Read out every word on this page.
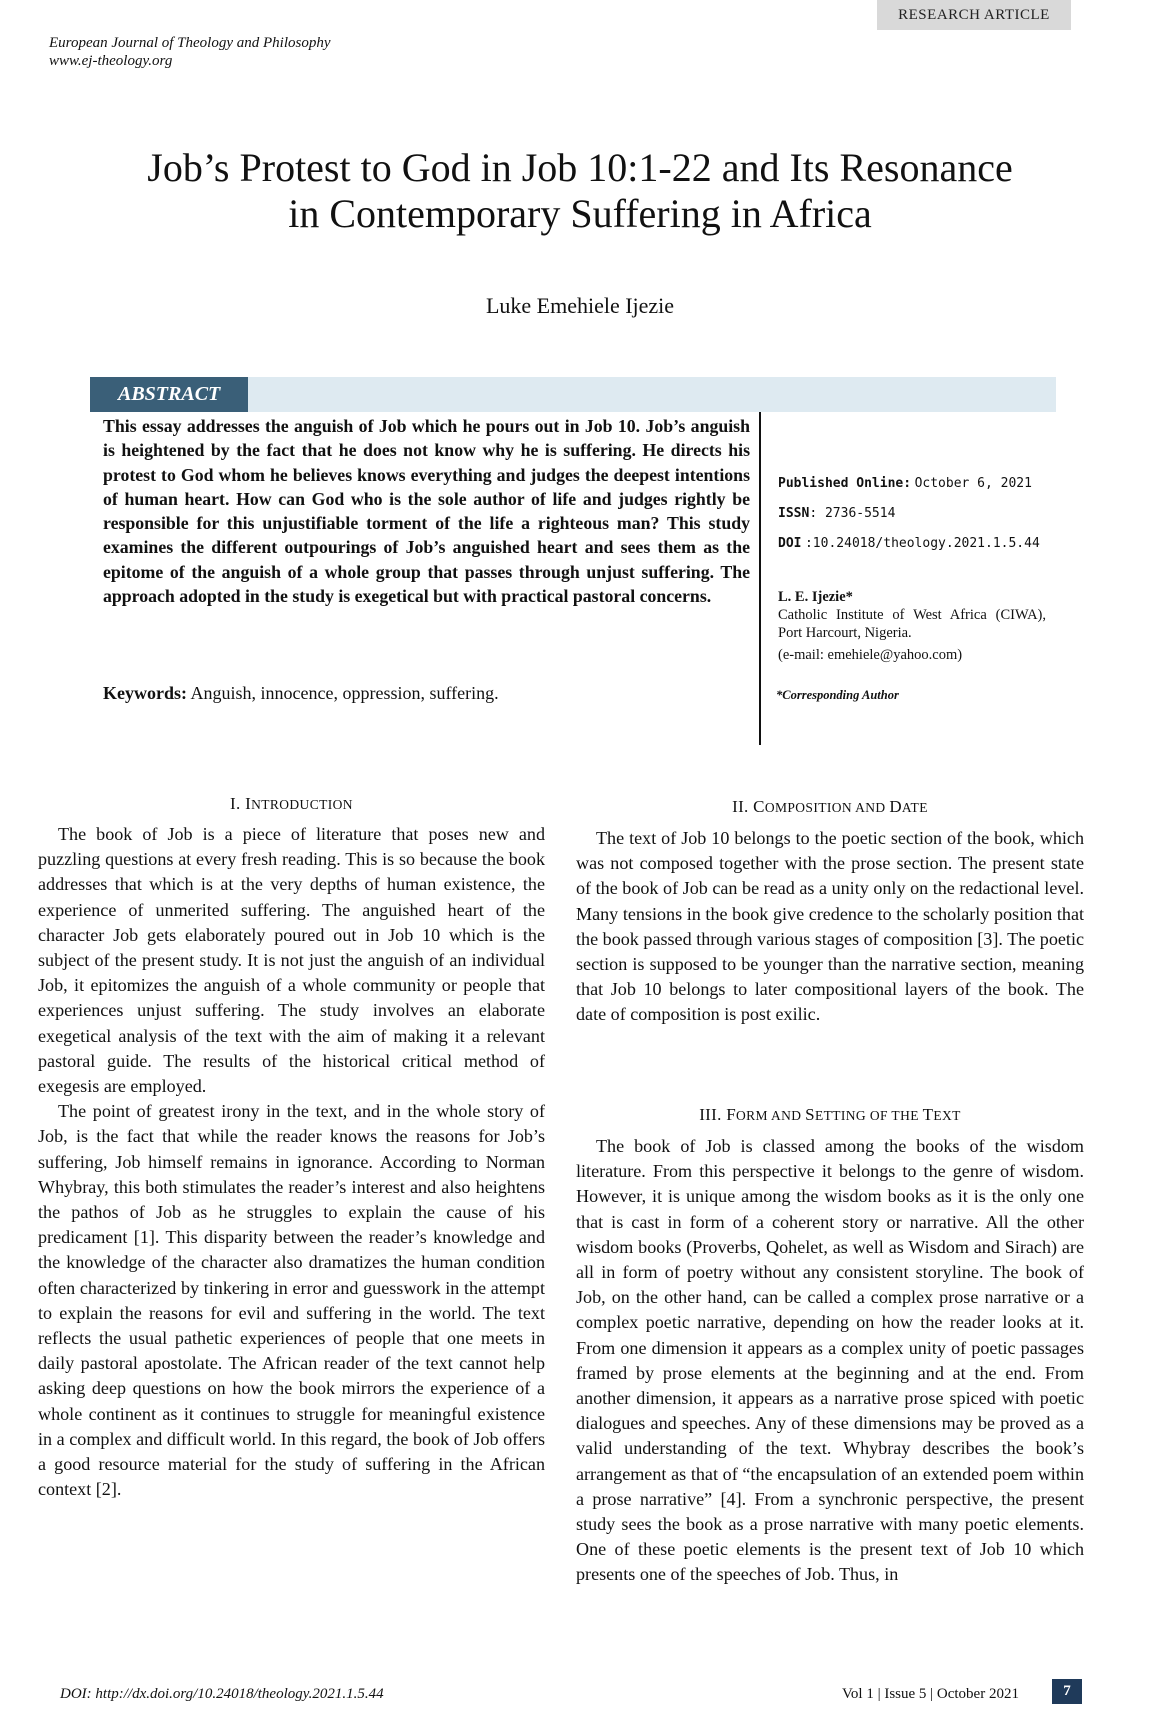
RESEARCH ARTICLE
European Journal of Theology and Philosophy
www.ej-theology.org
Job’s Protest to God in Job 10:1-22 and Its Resonance
in Contemporary Suffering in Africa
Luke Emehiele Ijezie
ABSTRACT
This essay addresses the anguish of Job which he pours out in Job 10. Job’s anguish is heightened by the fact that he does not know why he is suffering. He directs his protest to God whom he believes knows everything and judges the deepest intentions of human heart. How can God who is the sole author of life and judges rightly be responsible for this unjustifiable torment of the life a righteous man? This study examines the different outpourings of Job’s anguished heart and sees them as the epitome of the anguish of a whole group that passes through unjust suffering. The approach adopted in the study is exegetical but with practical pastoral concerns.
Keywords: Anguish, innocence, oppression, suffering.
Published Online: October 6, 2021
ISSN: 2736-5514
DOI :10.24018/theology.2021.1.5.44
L. E. Ijezie*
Catholic Institute of West Africa (CIWA), Port Harcourt, Nigeria.
(e-mail: emehiele@yahoo.com)
*Corresponding Author
I. INTRODUCTION

The book of Job is a piece of literature that poses new and puzzling questions at every fresh reading. This is so because the book addresses that which is at the very depths of human existence, the experience of unmerited suffering. The anguished heart of the character Job gets elaborately poured out in Job 10 which is the subject of the present study. It is not just the anguish of an individual Job, it epitomizes the anguish of a whole community or people that experiences unjust suffering. The study involves an elaborate exegetical analysis of the text with the aim of making it a relevant pastoral guide. The results of the historical critical method of exegesis are employed.

The point of greatest irony in the text, and in the whole story of Job, is the fact that while the reader knows the reasons for Job’s suffering, Job himself remains in ignorance. According to Norman Whybray, this both stimulates the reader’s interest and also heightens the pathos of Job as he struggles to explain the cause of his predicament [1]. This disparity between the reader’s knowledge and the knowledge of the character also dramatizes the human condition often characterized by tinkering in error and guesswork in the attempt to explain the reasons for evil and suffering in the world. The text reflects the usual pathetic experiences of people that one meets in daily pastoral apostolate. The African reader of the text cannot help asking deep questions on how the book mirrors the experience of a whole continent as it continues to struggle for meaningful existence in a complex and difficult world. In this regard, the book of Job offers a good resource material for the study of suffering in the African context [2].

II. COMPOSITION AND DATE

The text of Job 10 belongs to the poetic section of the book, which was not composed together with the prose section. The present state of the book of Job can be read as a unity only on the redactional level. Many tensions in the book give credence to the scholarly position that the book passed through various stages of composition [3]. The poetic section is supposed to be younger than the narrative section, meaning that Job 10 belongs to later compositional layers of the book. The date of composition is post exilic.

III. FORM AND SETTING OF THE TEXT

The book of Job is classed among the books of the wisdom literature. From this perspective it belongs to the genre of wisdom. However, it is unique among the wisdom books as it is the only one that is cast in form of a coherent story or narrative. All the other wisdom books (Proverbs, Qohelet, as well as Wisdom and Sirach) are all in form of poetry without any consistent storyline. The book of Job, on the other hand, can be called a complex prose narrative or a complex poetic narrative, depending on how the reader looks at it. From one dimension it appears as a complex unity of poetic passages framed by prose elements at the beginning and at the end. From another dimension, it appears as a narrative prose spiced with poetic dialogues and speeches. Any of these dimensions may be proved as a valid understanding of the text. Whybray describes the book’s arrangement as that of “the encapsulation of an extended poem within a prose narrative” [4]. From a synchronic perspective, the present study sees the book as a prose narrative with many poetic elements. One of these poetic elements is the present text of Job 10 which presents one of the speeches of Job. Thus, in

DOI: http://dx.doi.org/10.24018/theology.2021.1.5.44	Vol 1 | Issue 5 | October 2021	7
